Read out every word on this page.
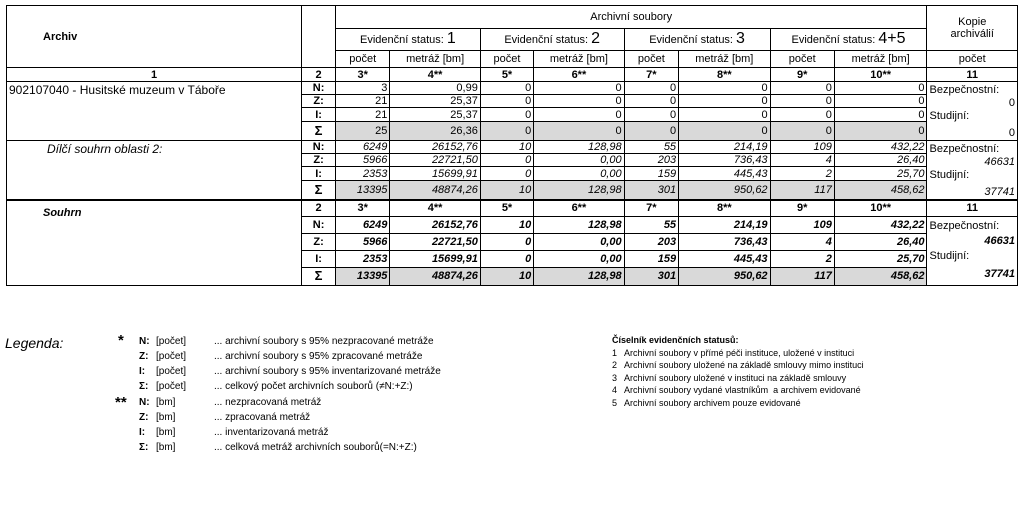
Archiv		Archivní soubory								Kopie
archiválií
		Evidenční status: 1		Evidenční status: 2		Evidenční status: 3		Evidenční status: 4+5		
		počet	metráž [bm]	počet	metráž [bm]	počet	metráž [bm]	počet	metráž [bm]	počet
1	2	3*	4**	5*	6**	7*	8**	9*	10**	11
902107040 - Husitské muzeum v Táboře	N:	3	0,99	0	0	0	0	0	0	Bezpečnostní:
0
Studijní:
0

	Z:	21	25,37	0	0	0	0	0	0	
	I:	21	25,37	0	0	0	0	0	0	
	Σ	25	26,36	0	0	0	0	0	0	
Dílčí souhrn oblasti 2:	N:	6249	26152,76	10	128,98	55	214,19	109	432,22	Bezpečnostní:
46631
Studijní:
37741

	Z:	5966	22721,50	0	0,00	203	736,43	4	26,40	
	I:	2353	15699,91	0	0,00	159	445,43	2	25,70	
	Σ	13395	48874,26	10	128,98	301	950,62	117	458,62	
Souhrn	2	3*	4**	5*	6**	7*	8**	9*	10**	11
	N:	6249	26152,76	10	128,98	55	214,19	109	432,22	Bezpečnostní:
46631
Studijní:
37741

	Z:	5966	22721,50	0	0,00	203	736,43	4	26,40	
	I:	2353	15699,91	0	0,00	159	445,43	2	25,70	
	Σ	13395	48874,26	10	128,98	301	950,62	117	458,62	
Legenda:	*
**
N: [počet]	... archivní soubory s 95% nezpracované metráže
Z: [počet]	... archivní soubory s 95% zpracované metráže
I: [počet]	... archivní soubory s 95% inventarizované metráže
Σ: [počet]	... celkový počet archivních souborů (≠N:+Z:)
N: [bm]	... nezpracovaná metráž
Z: [bm]	... zpracovaná metráž
I: [bm]	... inventarizovaná metráž
Σ: [bm]	... celková metráž archivních souborů(=N:+Z:)
Číselník evidenčních statusů:
1   Archivní soubory v přímé péči instituce, uložené v instituci
2   Archivní soubory uložené na základě smlouvy mimo instituci
3   Archivní soubory uložené v instituci na základě smlouvy
4   Archivní soubory vydané vlastníkům  a archivem evidované
5   Archivní soubory archivem pouze evidované
